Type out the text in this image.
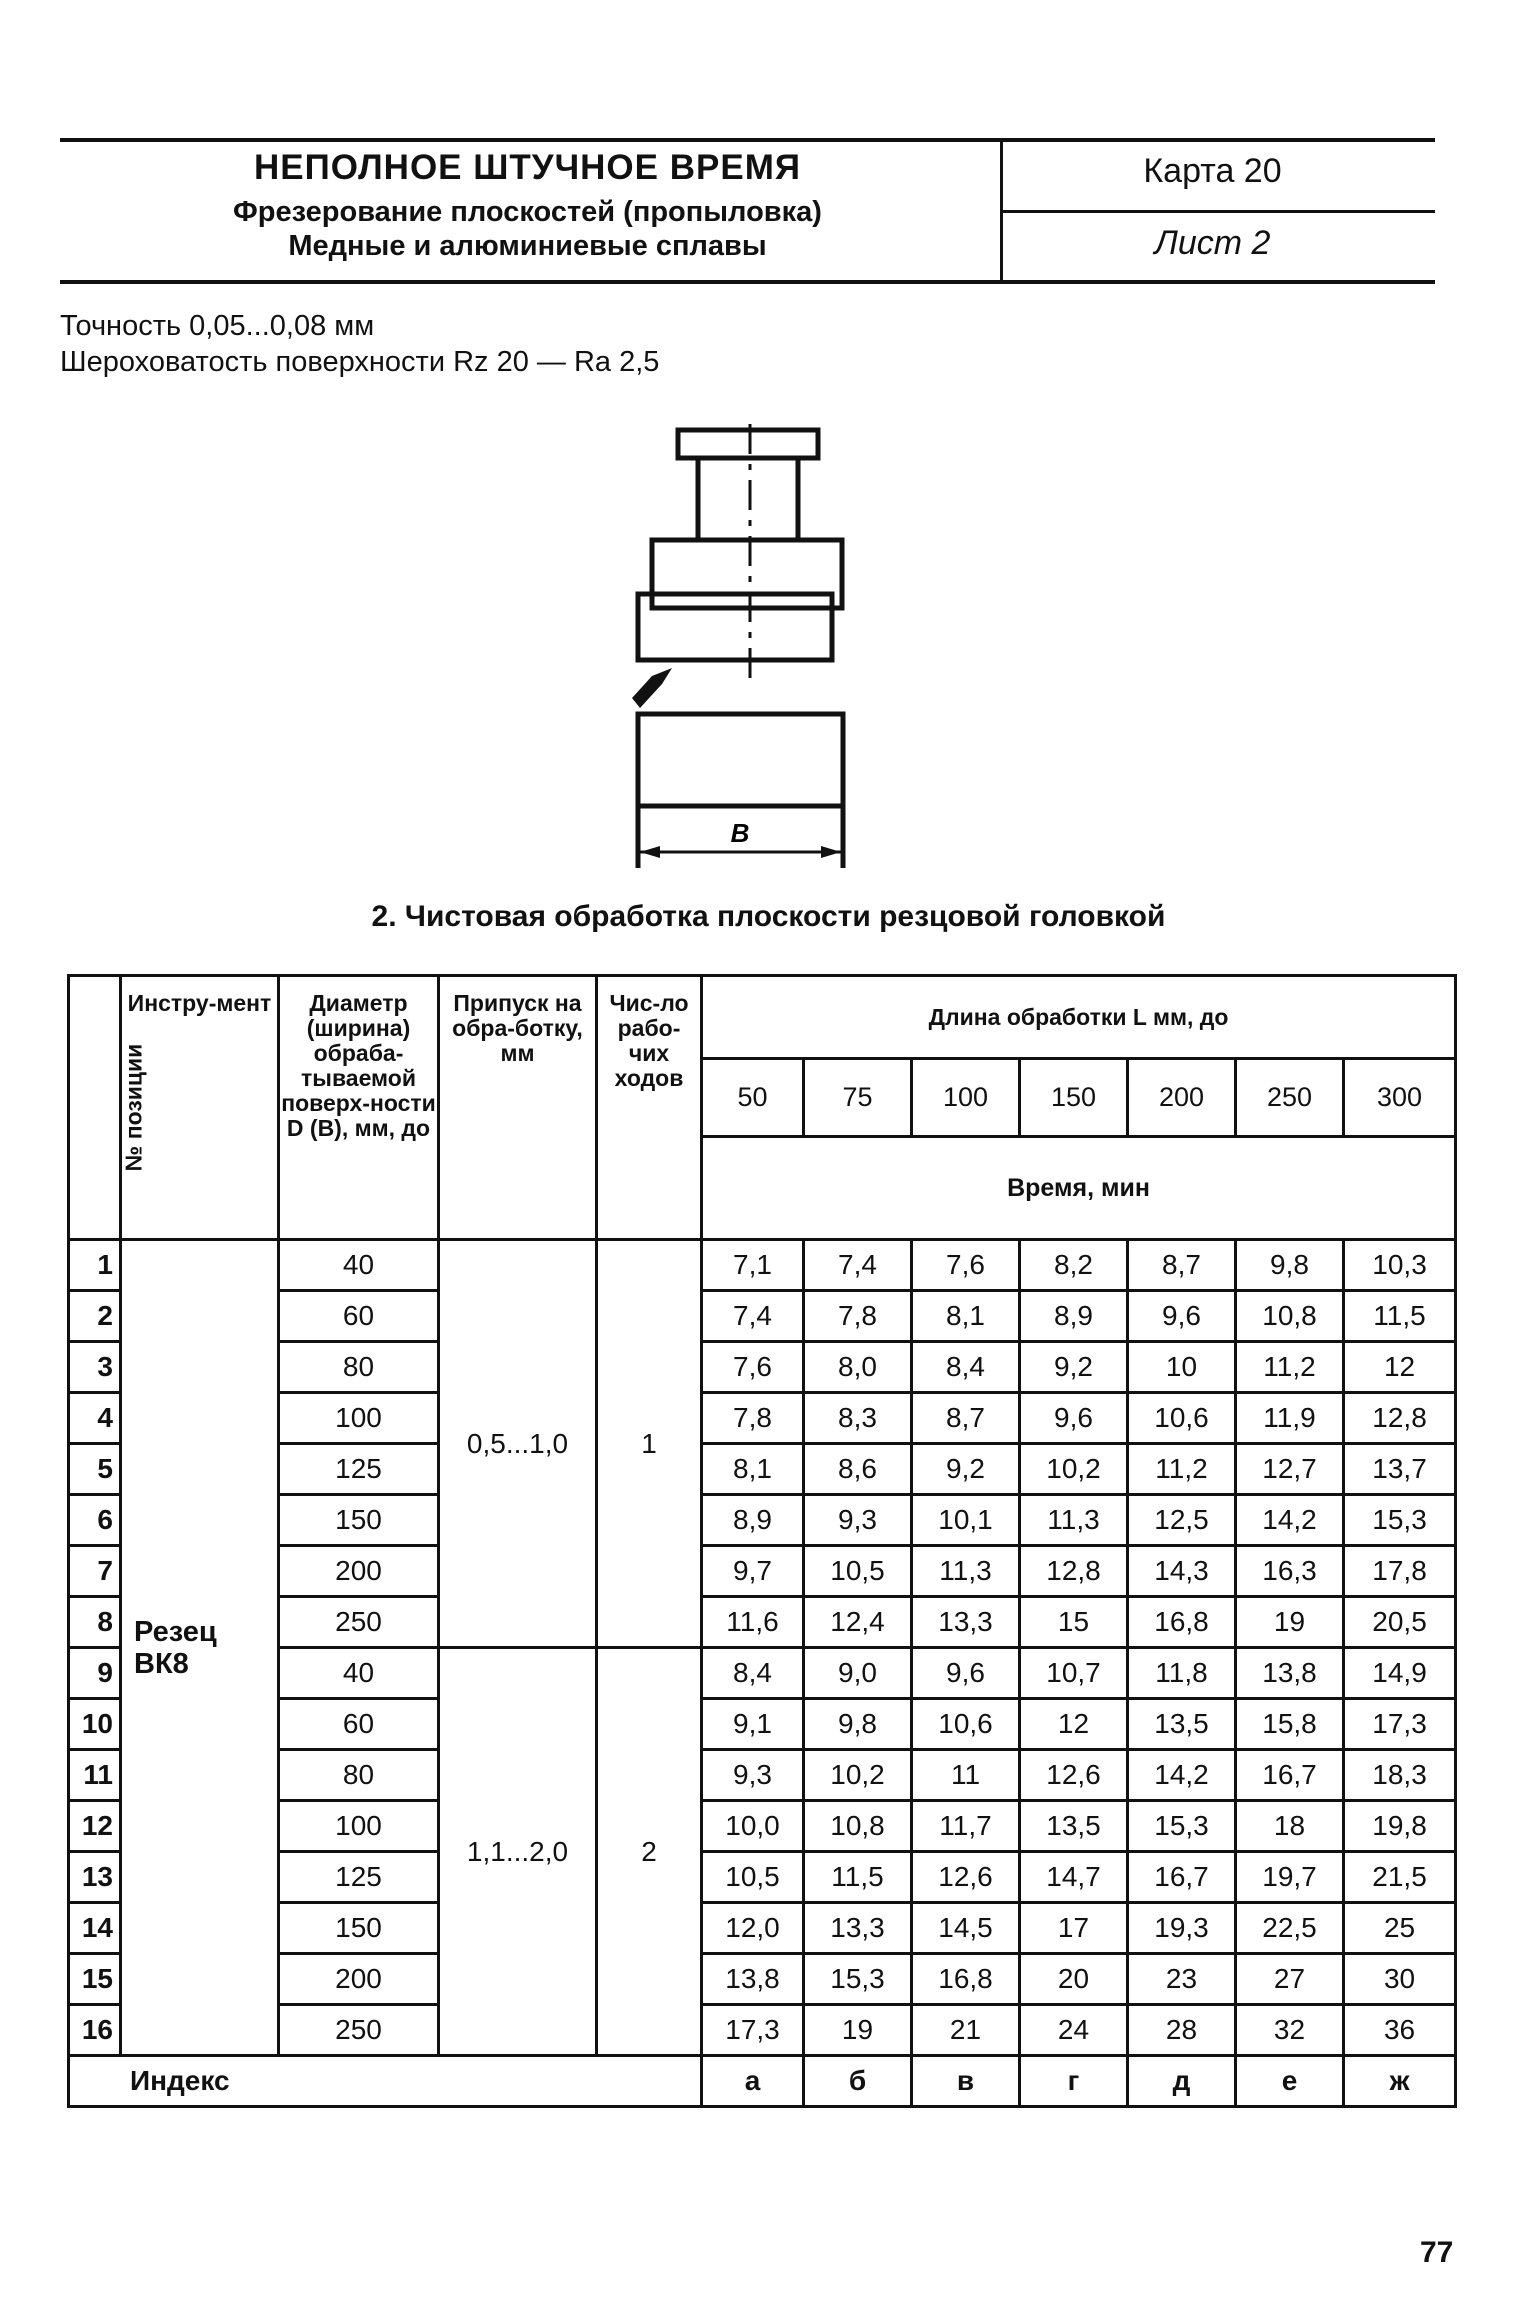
НЕПОЛНОЕ ШТУЧНОЕ ВРЕМЯ
Фрезерование плоскостей (пропыловка)
Медные и алюминиевые сплавы
Карта 20
Лист 2
Точность 0,05...0,08 мм
Шероховатость поверхности Rz 20 — Ra 2,5
В
2. Чистовая обработка плоскости резцовой головкой
№ позиции	Инстру-мент	Диаметр (ширина) обраба-тываемой поверх-ности D (В), мм, до	Припуск на обра-ботку, мм	Чис-ло рабо-чих ходов	Длина обработки L мм, до						
					50	75	100	150	200	250	300
					Время, мин						
1	Резец ВК8	40	0,5...1,0	1	7,1	7,4	7,6	8,2	8,7	9,8	10,3
2		60			7,4	7,8	8,1	8,9	9,6	10,8	11,5
3		80			7,6	8,0	8,4	9,2	10	11,2	12
4		100			7,8	8,3	8,7	9,6	10,6	11,9	12,8
5		125			8,1	8,6	9,2	10,2	11,2	12,7	13,7
6		150			8,9	9,3	10,1	11,3	12,5	14,2	15,3
7		200			9,7	10,5	11,3	12,8	14,3	16,3	17,8
8		250			11,6	12,4	13,3	15	16,8	19	20,5
9		40	1,1...2,0	2	8,4	9,0	9,6	10,7	11,8	13,8	14,9
10		60			9,1	9,8	10,6	12	13,5	15,8	17,3
11		80			9,3	10,2	11	12,6	14,2	16,7	18,3
12		100			10,0	10,8	11,7	13,5	15,3	18	19,8
13		125			10,5	11,5	12,6	14,7	16,7	19,7	21,5
14		150			12,0	13,3	14,5	17	19,3	22,5	25
15		200			13,8	15,3	16,8	20	23	27	30
16		250			17,3	19	21	24	28	32	36
Индекс					а	б	в	г	д	е	ж
77
